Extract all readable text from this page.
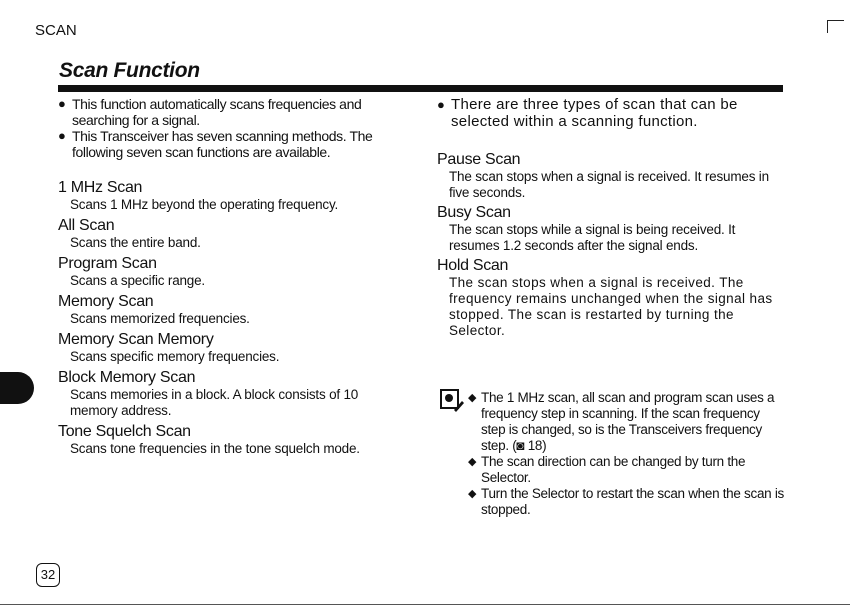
SCAN
Scan Function
● This function automatically scans frequencies and searching for a signal.
● This Transceiver has seven scanning methods. The following seven scan functions are available.
1 MHz Scan
Scans 1 MHz beyond the operating frequency.
All Scan
Scans the entire band.
Program Scan
Scans a specific range.
Memory Scan
Scans memorized frequencies.
Memory Scan Memory
Scans specific memory frequencies.
Block Memory Scan
Scans memories in a block. A block consists of 10 memory address.
Tone Squelch Scan
Scans tone frequencies in the tone squelch mode.
● There are three types of scan that can be selected within a scanning function.
Pause Scan
The scan stops when a signal is received. It resumes in five seconds.
Busy Scan
The scan stops while a signal is being received. It resumes 1.2 seconds after the signal ends.
Hold Scan
The scan stops when a signal is received. The frequency remains unchanged when the signal has stopped. The scan is restarted by turning the Selector.
◆ The 1 MHz scan, all scan and program scan uses a frequency step in scanning. If the scan frequency step is changed, so is the Transceivers frequency step. (◙ 18)
◆ The scan direction can be changed by turn the Selector.
◆ Turn the Selector to restart the scan when the scan is stopped.
32
